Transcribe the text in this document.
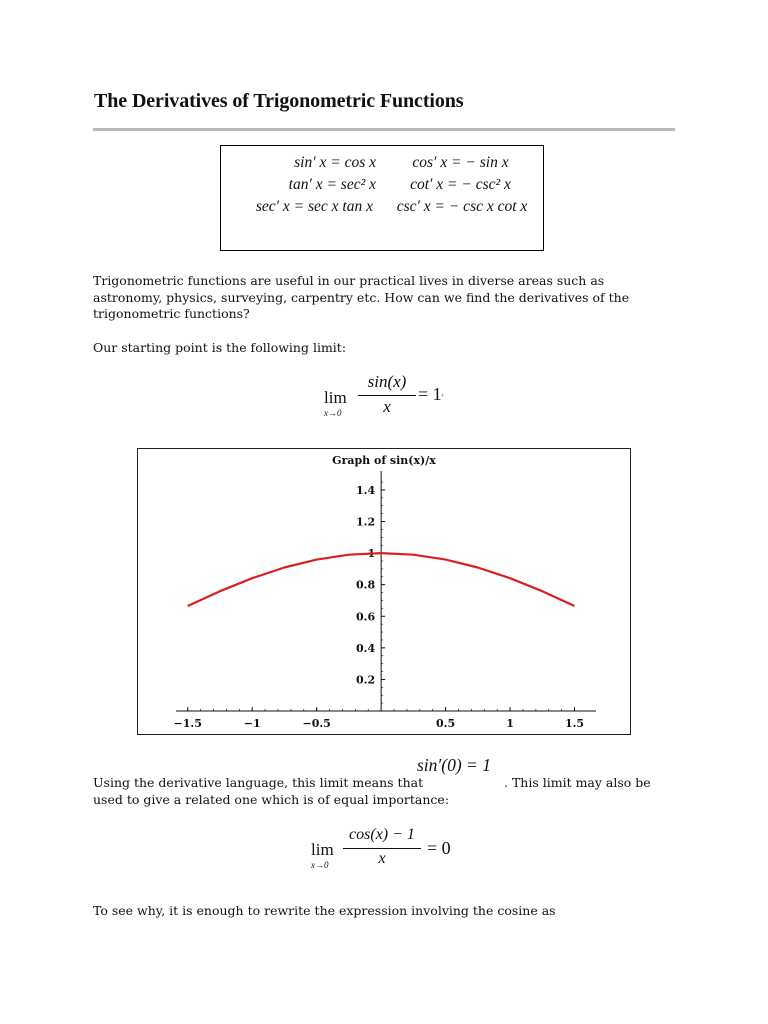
The Derivatives of Trigonometric Functions
sin′ x = cos x	cos′ x = − sin x
tan′ x = sec² x	cot′ x = − csc² x
sec′ x = sec x tan x	csc′ x = − csc x cot x

Trigonometric functions are useful in our practical lives in diverse areas such as astronomy, physics, surveying, carpentry etc. How can we find the derivatives of the trigonometric functions?

Our starting point is the following limit:

lim
x→0
sin(x)
x
= 1 ,
Graph of sin(x)/x
−1.5	−1	−0.5	0.5	1	1.5
0.2
0.4
0.6
0.8
1
1.2
1.4
sin′(0) = 1

Using the derivative language, this limit means that	. This limit may also be

used to give a related one which is of equal importance:

lim
x→0
cos(x) − 1
x
= 0

To see why, it is enough to rewrite the expression involving the cosine as
